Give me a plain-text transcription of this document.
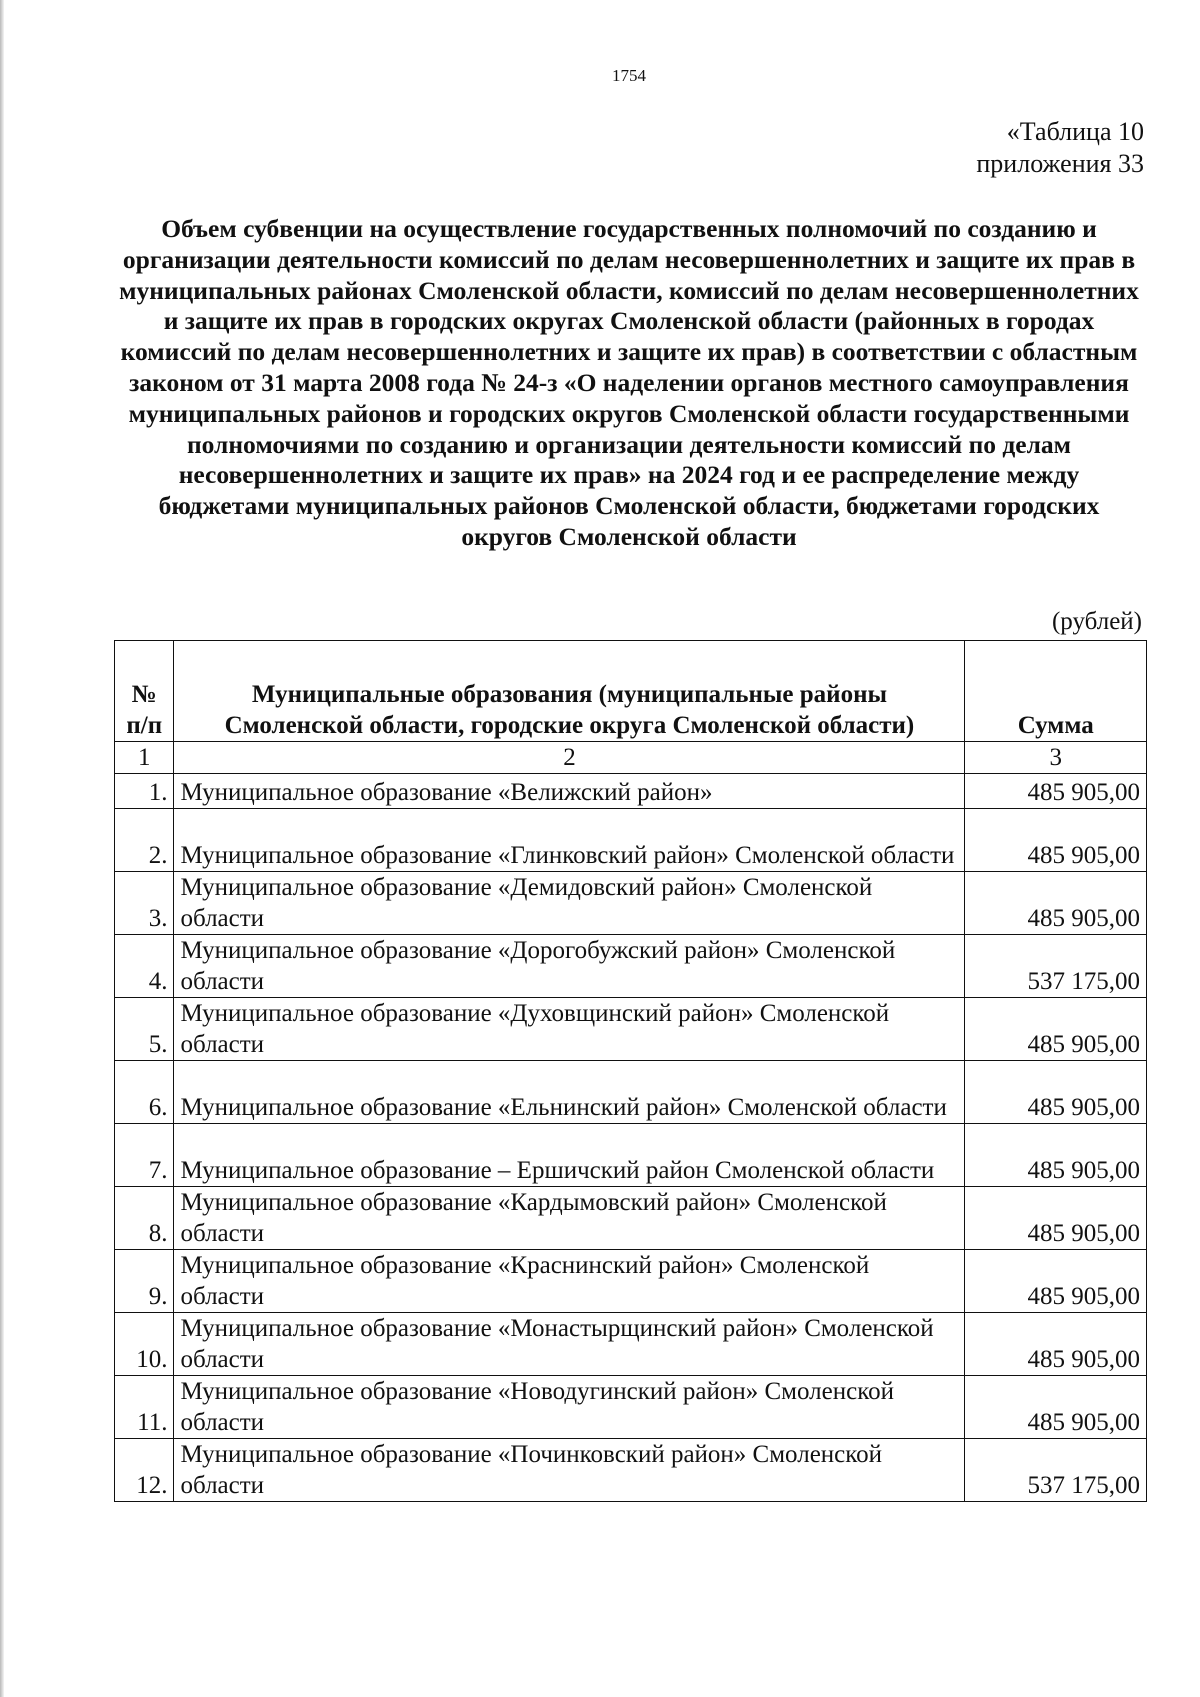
1754
«Таблица 10
приложения 33

Объем субвенции на осуществление государственных полномочий по созданию и организации деятельности комиссий по делам несовершеннолетних и защите их прав в муниципальных районах Смоленской области, комиссий по делам несовершеннолетних и защите их прав в городских округах Смоленской области (районных в городах комиссий по делам несовершеннолетних и защите их прав) в соответствии с областным законом от 31 марта 2008 года № 24-з «О наделении органов местного самоуправления муниципальных районов и городских округов Смоленской области государственными полномочиями по созданию и организации деятельности комиссий по делам несовершеннолетних и защите их прав» на 2024 год и ее распределение между бюджетами муниципальных районов Смоленской области, бюджетами городских округов Смоленской области

(рублей)
№ п/п	Муниципальные образования (муниципальные районы Смоленской области, городские округа Смоленской области)	Сумма
1	2	3
1.	Муниципальное образование «Велижский район»	485 905,00
2.	Муниципальное образование «Глинковский район» Смоленской области	485 905,00
3.	Муниципальное образование «Демидовский район» Смоленской области	485 905,00
4.	Муниципальное образование «Дорогобужский район» Смоленской области	537 175,00
5.	Муниципальное образование «Духовщинский район» Смоленской области	485 905,00
6.	Муниципальное образование «Ельнинский район» Смоленской области	485 905,00
7.	Муниципальное образование – Ершичский район Смоленской области	485 905,00
8.	Муниципальное образование «Кардымовский район» Смоленской области	485 905,00
9.	Муниципальное образование «Краснинский район» Смоленской области	485 905,00
10.	Муниципальное образование «Монастырщинский район» Смоленской области	485 905,00
11.	Муниципальное образование «Новодугинский район» Смоленской области	485 905,00
12.	Муниципальное образование «Починковский район» Смоленской области	537 175,00
